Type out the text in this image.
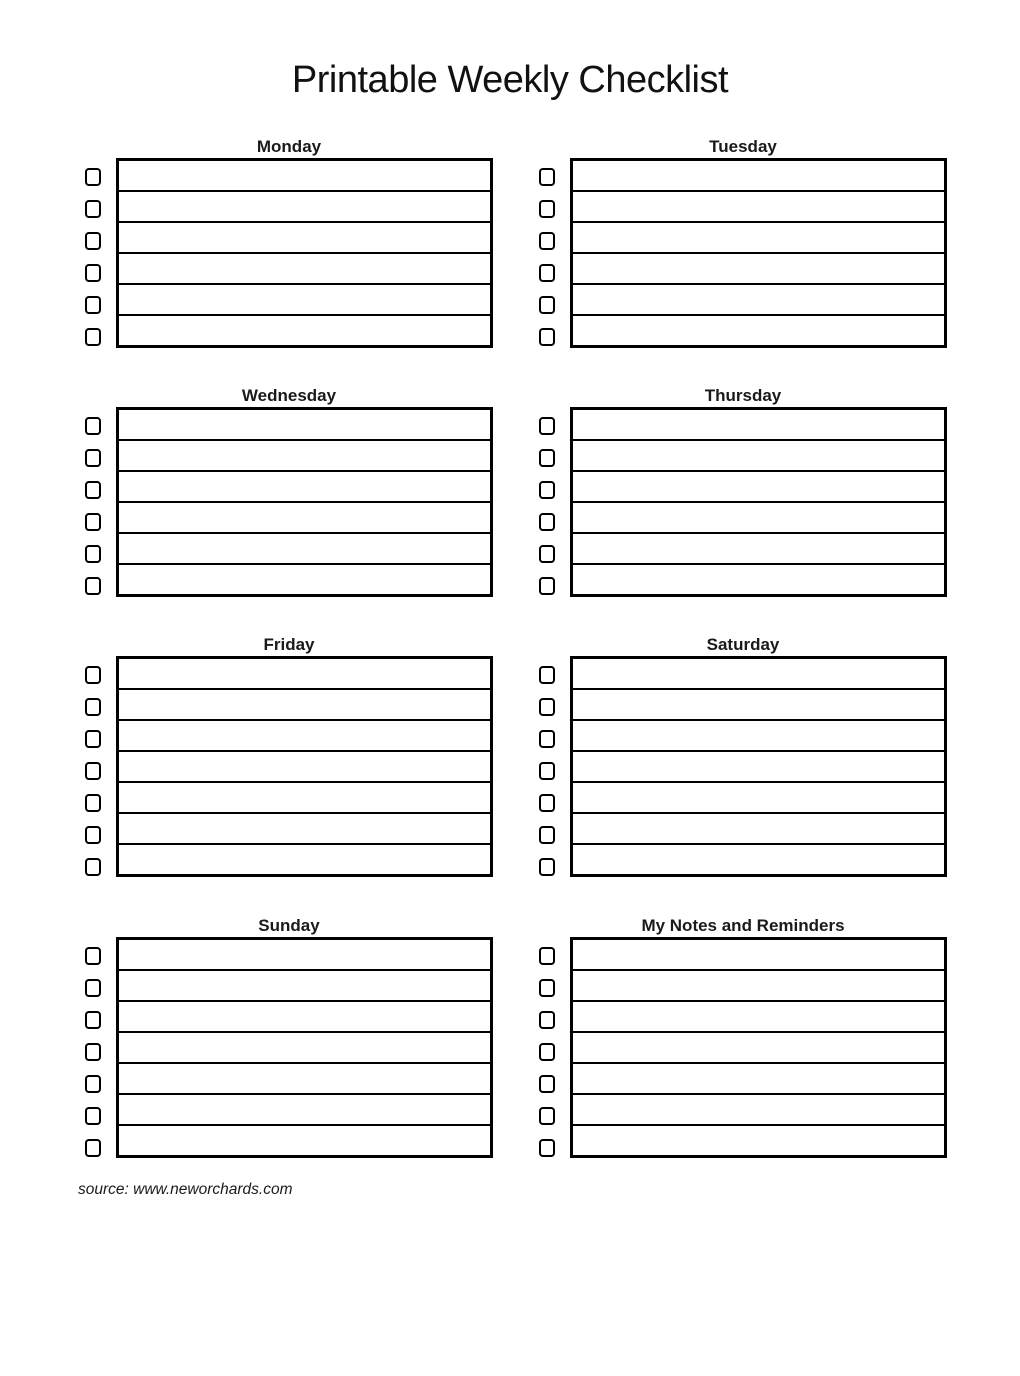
Printable Weekly Checklist
Monday	Tuesday
Wednesday	Thursday
Friday	Saturday
Sunday	My Notes and Reminders
source: www.neworchards.com
